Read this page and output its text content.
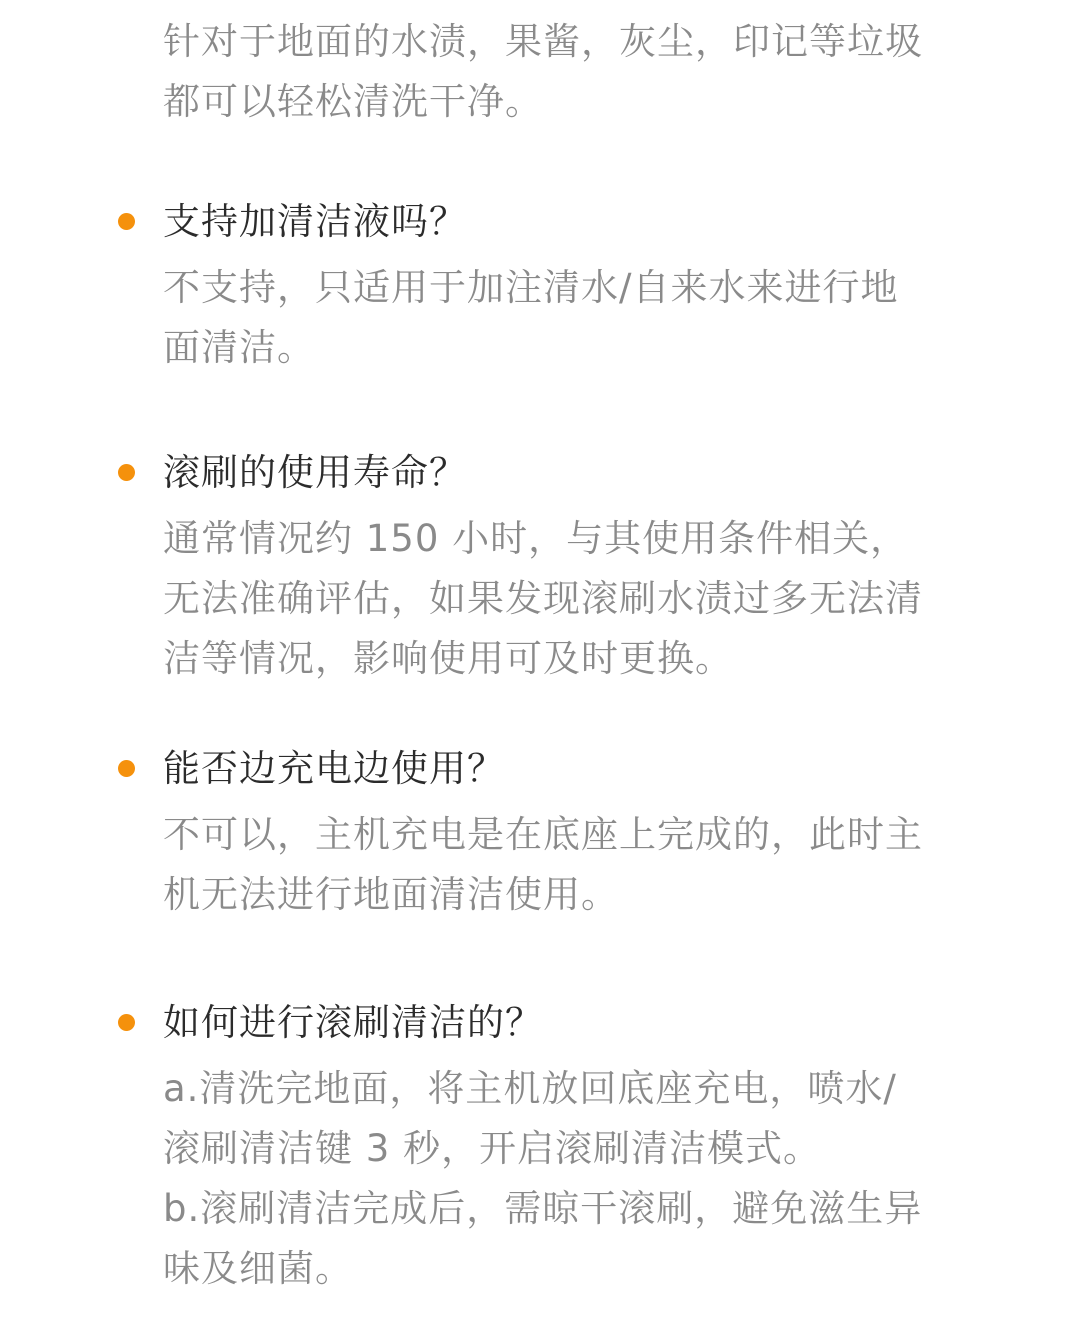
针对于地面的水渍，果酱，灰尘，印记等垃圾
都可以轻松清洗干净。

支持加清洁液吗？

不支持，只适用于加注清水/自来水来进行地
面清洁。

滚刷的使用寿命？

通常情况约 150 小时，与其使用条件相关，
无法准确评估，如果发现滚刷水渍过多无法清
洁等情况，影响使用可及时更换。

能否边充电边使用？

不可以，主机充电是在底座上完成的，此时主
机无法进行地面清洁使用。

如何进行滚刷清洁的？

a.清洗完地面，将主机放回底座充电，喷水/
滚刷清洁键 3 秒，开启滚刷清洁模式。
b.滚刷清洁完成后，需晾干滚刷，避免滋生异
味及细菌。
